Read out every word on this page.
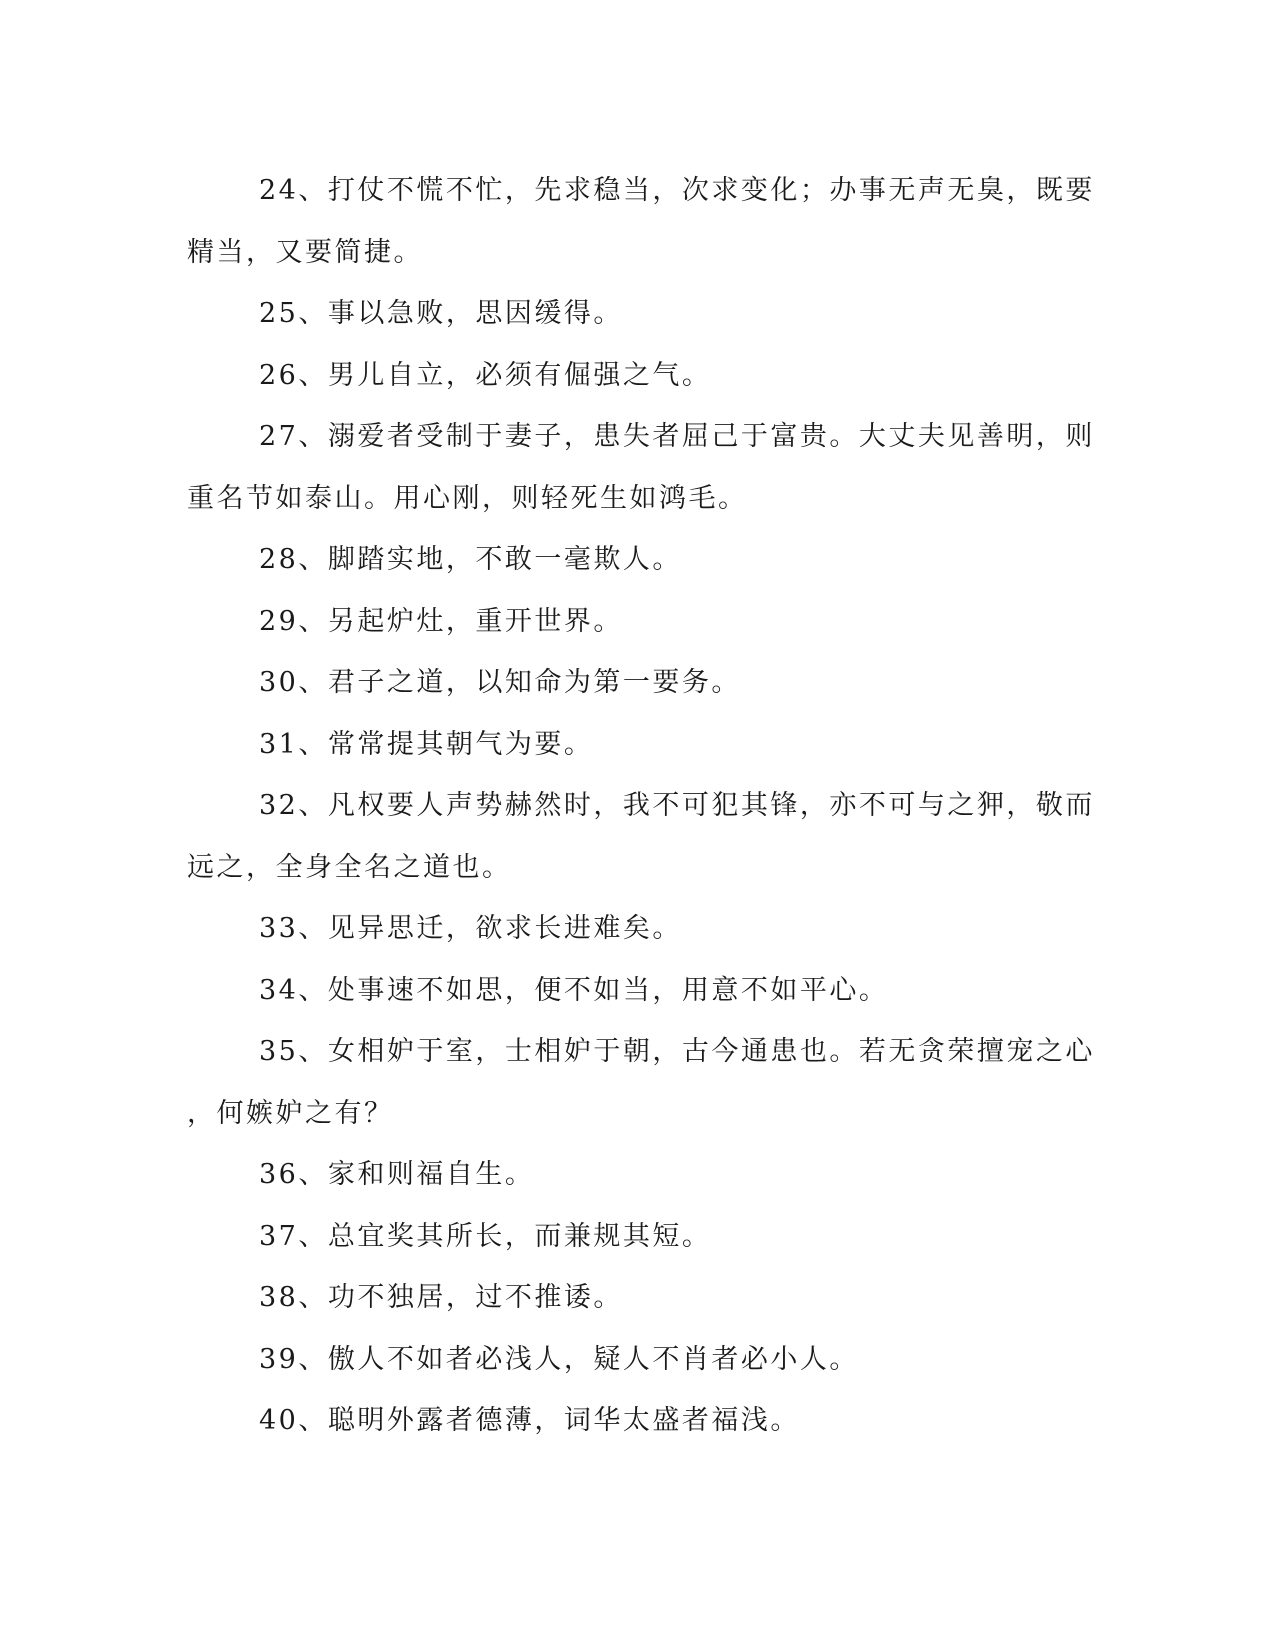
24、打仗不慌不忙，先求稳当，次求变化；办事无声无臭，既要
精当，又要简捷。
25、事以急败，思因缓得。
26、男儿自立，必须有倔强之气。
27、溺爱者受制于妻子，患失者屈己于富贵。大丈夫见善明，则
重名节如泰山。用心刚，则轻死生如鸿毛。
28、脚踏实地，不敢一毫欺人。
29、另起炉灶，重开世界。
30、君子之道，以知命为第一要务。
31、常常提其朝气为要。
32、凡权要人声势赫然时，我不可犯其锋，亦不可与之狎，敬而
远之，全身全名之道也。
33、见异思迁，欲求长进难矣。
34、处事速不如思，便不如当，用意不如平心。
35、女相妒于室，士相妒于朝，古今通患也。若无贪荣擅宠之心
，何嫉妒之有？
36、家和则福自生。
37、总宜奖其所长，而兼规其短。
38、功不独居，过不推诿。
39、傲人不如者必浅人，疑人不肖者必小人。
40、聪明外露者德薄，词华太盛者福浅。
